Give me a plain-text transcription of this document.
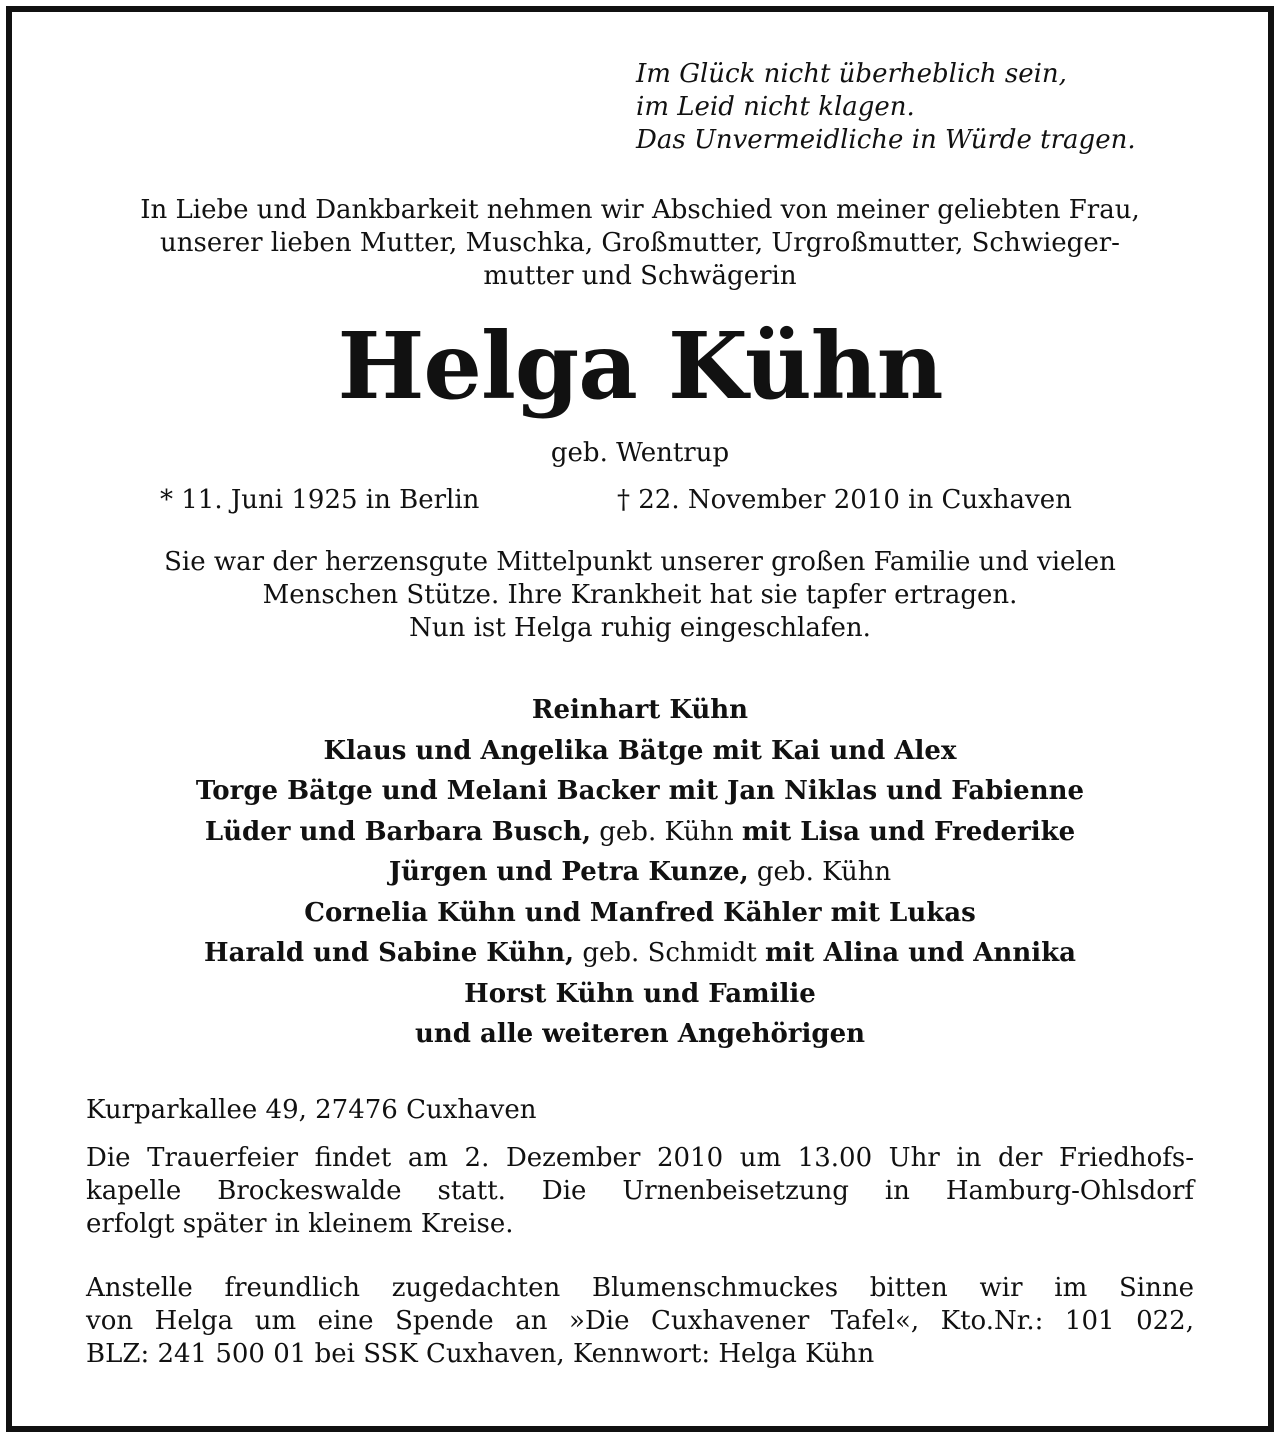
Im Glück nicht überheblich sein,
im Leid nicht klagen.
Das Unvermeidliche in Würde tragen.
In Liebe und Dankbarkeit nehmen wir Abschied von meiner geliebten Frau,
unserer lieben Mutter, Muschka, Großmutter, Urgroßmutter, Schwieger-
mutter und Schwägerin
Helga Kühn
geb. Wentrup
* 11. Juni 1925 in Berlin	† 22. November 2010 in Cuxhaven
Sie war der herzensgute Mittelpunkt unserer großen Familie und vielen
Menschen Stütze. Ihre Krankheit hat sie tapfer ertragen.
Nun ist Helga ruhig eingeschlafen.
Reinhart Kühn
Klaus und Angelika Bätge mit Kai und Alex
Torge Bätge und Melani Backer mit Jan Niklas und Fabienne
Lüder und Barbara Busch, geb. Kühn mit Lisa und Frederike
Jürgen und Petra Kunze, geb. Kühn
Cornelia Kühn und Manfred Kähler mit Lukas
Harald und Sabine Kühn, geb. Schmidt mit Alina und Annika
Horst Kühn und Familie
und alle weiteren Angehörigen
Kurparkallee 49, 27476 Cuxhaven
Die Trauerfeier findet am 2. Dezember 2010 um 13.00 Uhr in der Friedhofs-
kapelle Brockeswalde statt. Die Urnenbeisetzung in Hamburg-Ohlsdorf
erfolgt später in kleinem Kreise.
Anstelle freundlich zugedachten Blumenschmuckes bitten wir im Sinne
von Helga um eine Spende an »Die Cuxhavener Tafel«, Kto.Nr.: 101 022,
BLZ: 241 500 01 bei SSK Cuxhaven, Kennwort: Helga Kühn
